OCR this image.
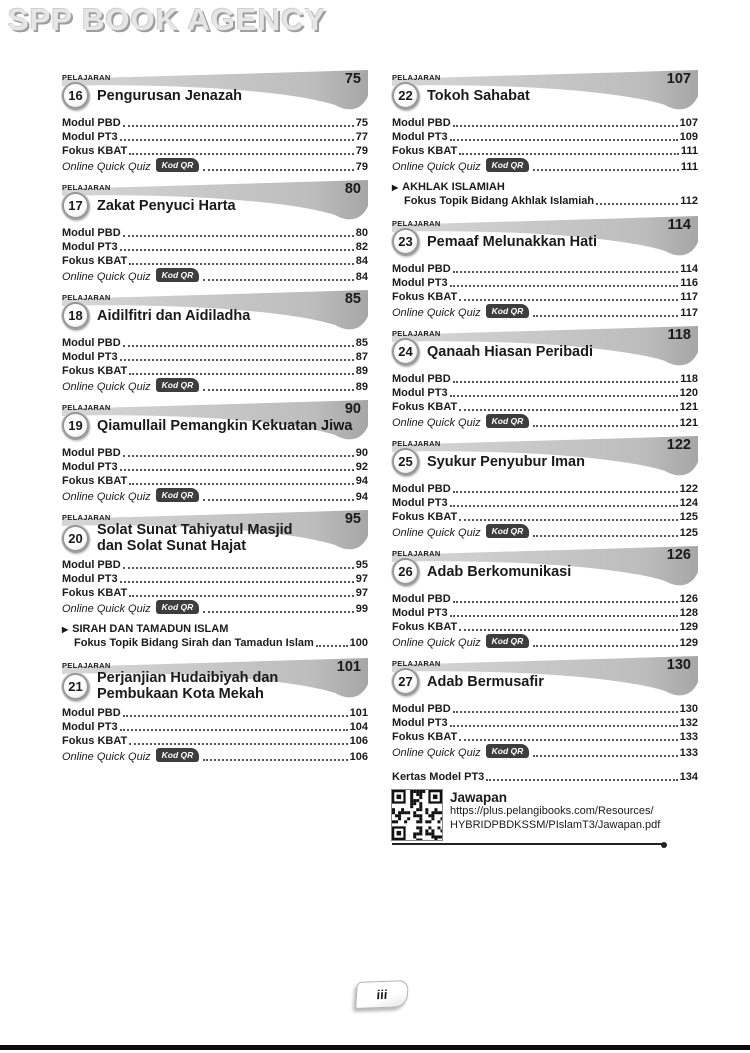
SPP BOOK AGENCY
75
PELAJARAN
16 Pengurusan Jenazah
Modul PBD	75
Modul PT3	77
Fokus KBAT	79
Online Quick Quiz	Kod QR	79
80
PELAJARAN
17 Zakat Penyuci Harta
Modul PBD	80
Modul PT3	82
Fokus KBAT	84
Online Quick Quiz	Kod QR	84
85
PELAJARAN
18 Aidilfitri dan Aidiladha
Modul PBD	85
Modul PT3	87
Fokus KBAT	89
Online Quick Quiz	Kod QR	89
90
PELAJARAN
19 Qiamullail Pemangkin Kekuatan Jiwa
Modul PBD	90
Modul PT3	92
Fokus KBAT	94
Online Quick Quiz	Kod QR	94
95
PELAJARAN
20 Solat Sunat Tahiyatul Masjid
dan Solat Sunat Hajat
Modul PBD	95
Modul PT3	97
Fokus KBAT	97
Online Quick Quiz	Kod QR	99
▶ SIRAH DAN TAMADUN ISLAM
Fokus Topik Bidang Sirah dan Tamadun Islam	100
101
PELAJARAN
21 Perjanjian Hudaibiyah dan
Pembukaan Kota Mekah
Modul PBD	101
Modul PT3	104
Fokus KBAT	106
Online Quick Quiz	Kod QR	106
107
PELAJARAN
22 Tokoh Sahabat
Modul PBD	107
Modul PT3	109
Fokus KBAT	111
Online Quick Quiz	Kod QR	111
▶ AKHLAK ISLAMIAH
Fokus Topik Bidang Akhlak Islamiah	112
114
PELAJARAN
23 Pemaaf Melunakkan Hati
Modul PBD	114
Modul PT3	116
Fokus KBAT	117
Online Quick Quiz	Kod QR	117
118
PELAJARAN
24 Qanaah Hiasan Peribadi
Modul PBD	118
Modul PT3	120
Fokus KBAT	121
Online Quick Quiz	Kod QR	121
122
PELAJARAN
25 Syukur Penyubur Iman
Modul PBD	122
Modul PT3	124
Fokus KBAT	125
Online Quick Quiz	Kod QR	125
126
PELAJARAN
26 Adab Berkomunikasi
Modul PBD	126
Modul PT3	128
Fokus KBAT	129
Online Quick Quiz	Kod QR	129
130
PELAJARAN
27 Adab Bermusafir
Modul PBD	130
Modul PT3	132
Fokus KBAT	133
Online Quick Quiz	Kod QR	133
Kertas Model PT3	134
Jawapan
https://plus.pelangibooks.com/Resources/
HYBRIDPBDKSSM/PIslamT3/Jawapan.pdf
iii
